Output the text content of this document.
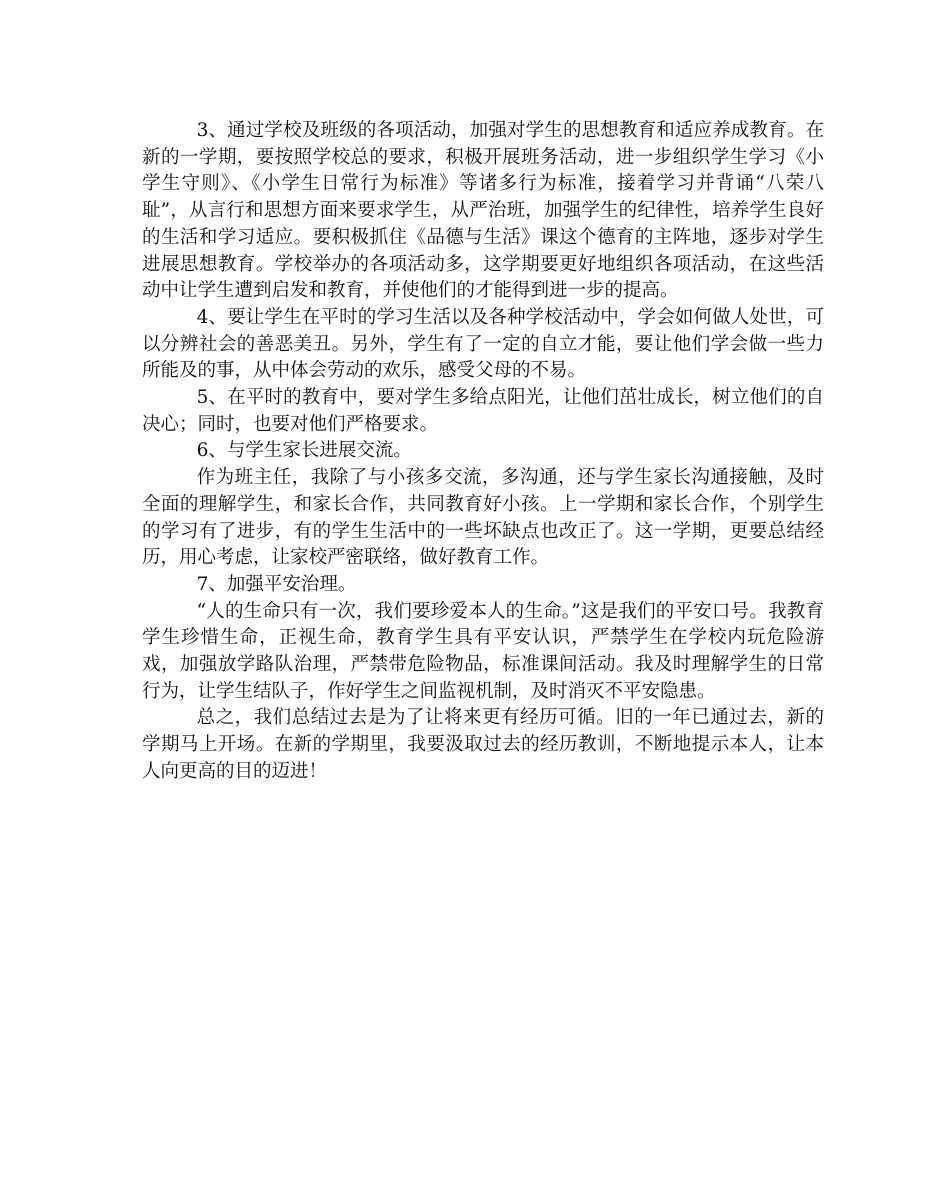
3、通过学校及班级的各项活动，加强对学生的思想教育和适应养成教育。在新的一学期，要按照学校总的要求，积极开展班务活动，进一步组织学生学习《小学生守则》、《小学生日常行为标准》等诸多行为标准，接着学习并背诵“八荣八耻”，从言行和思想方面来要求学生，从严治班，加强学生的纪律性，培养学生良好的生活和学习适应。要积极抓住《品德与生活》课这个德育的主阵地，逐步对学生进展思想教育。学校举办的各项活动多，这学期要更好地组织各项活动，在这些活动中让学生遭到启发和教育，并使他们的才能得到进一步的提高。

4、要让学生在平时的学习生活以及各种学校活动中，学会如何做人处世，可以分辨社会的善恶美丑。另外，学生有了一定的自立才能，要让他们学会做一些力所能及的事，从中体会劳动的欢乐，感受父母的不易。

5、在平时的教育中，要对学生多给点阳光，让他们茁壮成长，树立他们的自决心；同时，也要对他们严格要求。

6、与学生家长进展交流。

作为班主任，我除了与小孩多交流，多沟通，还与学生家长沟通接触，及时全面的理解学生，和家长合作，共同教育好小孩。上一学期和家长合作，个别学生的学习有了进步，有的学生生活中的一些坏缺点也改正了。这一学期，更要总结经历，用心考虑，让家校严密联络，做好教育工作。

7、加强平安治理。

“人的生命只有一次，我们要珍爱本人的生命。”这是我们的平安口号。我教育学生珍惜生命，正视生命，教育学生具有平安认识，严禁学生在学校内玩危险游戏，加强放学路队治理，严禁带危险物品，标准课间活动。我及时理解学生的日常行为，让学生结队子，作好学生之间监视机制，及时消灭不平安隐患。

总之，我们总结过去是为了让将来更有经历可循。旧的一年已通过去，新的学期马上开场。在新的学期里，我要汲取过去的经历教训，不断地提示本人，让本人向更高的目的迈进！
